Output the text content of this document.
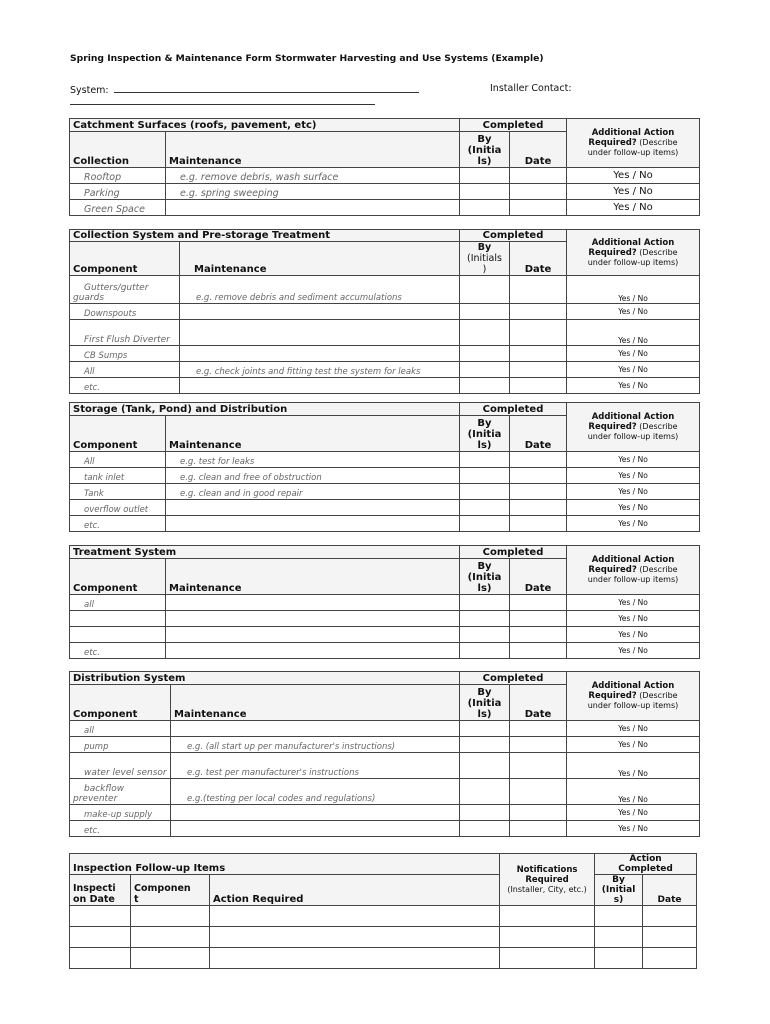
Spring Inspection & Maintenance Form Stormwater Harvesting and Use Systems (Example)
System:	Installer Contact:
Catchment Surfaces (roofs, pavement, etc)		Completed		Additional Action
Required? (Describe
under follow-up items)
Collection	Maintenance	By
(Initia
ls)	Date	
Rooftop	e.g. remove debris, wash surface			Yes / No
Parking	e.g. spring sweeping			Yes / No
Green Space				Yes / No
Collection System and Pre-storage Treatment		Completed		Additional Action
Required? (Describe
under follow-up items)
Component	Maintenance	By
(Initials
)	Date	
Gutters/gutter guards	e.g. remove debris and sediment accumulations			Yes / No
Downspouts				Yes / No
First Flush Diverter				Yes / No
CB Sumps				Yes / No
All	e.g. check joints and fitting test the system for leaks			Yes / No
etc.				Yes / No
Storage (Tank, Pond) and Distribution		Completed		Additional Action
Required? (Describe
under follow-up items)
Component	Maintenance	By
(Initia
ls)	Date	
All	e.g. test for leaks			Yes / No
tank inlet	e.g. clean and free of obstruction			Yes / No
Tank	e.g. clean and in good repair			Yes / No
overflow outlet				Yes / No
etc.				Yes / No
Treatment System		Completed		Additional Action
Required? (Describe
under follow-up items)
Component	Maintenance	By
(Initia
ls)	Date	
all				Yes / No
				Yes / No
				Yes / No
etc.				Yes / No
Distribution System		Completed		Additional Action
Required? (Describe
under follow-up items)
Component	Maintenance	By
(Initia
ls)	Date	
all				Yes / No
pump	e.g. (all start up per manufacturer's instructions)			Yes / No
water level sensor	e.g. test per manufacturer's instructions			Yes / No
backflow preventer	e.g.(testing per local codes and regulations)			Yes / No
make-up supply				Yes / No
etc.				Yes / No
Inspection Follow-up Items			Notifications Required
(Installer, City, etc.)	Action
Completed	
Inspecti
on Date	Componen
t	Action Required		By
(Initial
s)	Date
